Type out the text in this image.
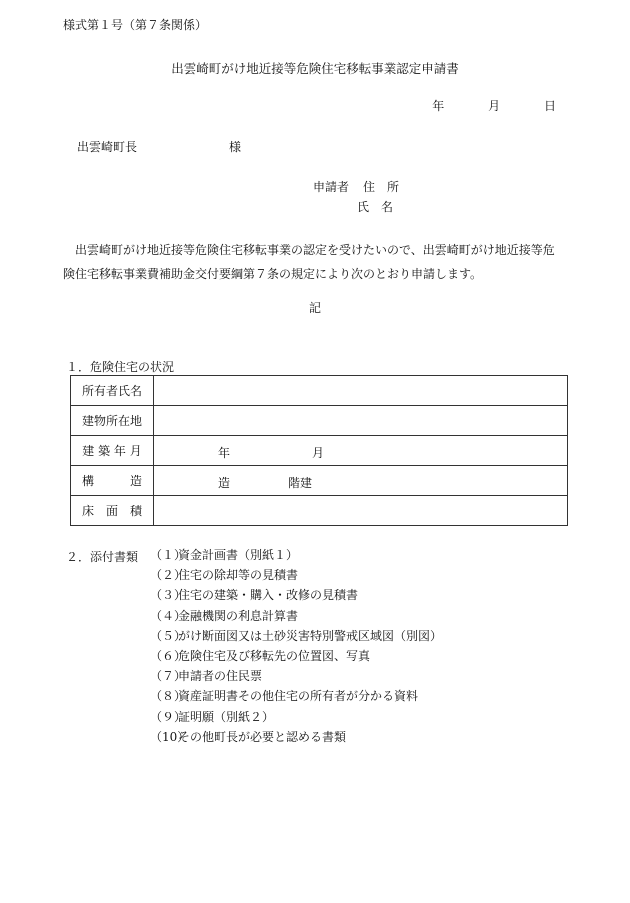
様式第１号（第７条関係）
出雲崎町がけ地近接等危険住宅移転事業認定申請書
年	月	日
出雲崎町長	様
申請者 住　所
氏　名
出雲崎町がけ地近接等危険住宅移転事業の認定を受けたいので、出雲崎町がけ地近接等危険住宅移転事業費補助金交付要綱第７条の規定により次のとおり申請します。
記
１．危険住宅の状況
所有者氏名	
建物所在地	
建 築 年 月	年 月

構　　　造	造 階建

床　面　積	
２．添付書類 （１）資金計画書（別紙１）
（２）住宅の除却等の見積書
（３）住宅の建築・購入・改修の見積書
（４）金融機関の利息計算書
（５）がけ断面図又は土砂災害特別警戒区域図（別図）
（６）危険住宅及び移転先の位置図、写真
（７）申請者の住民票
（８）資産証明書その他住宅の所有者が分かる資料
（９）証明願（別紙２）
（10）その他町長が必要と認める書類
